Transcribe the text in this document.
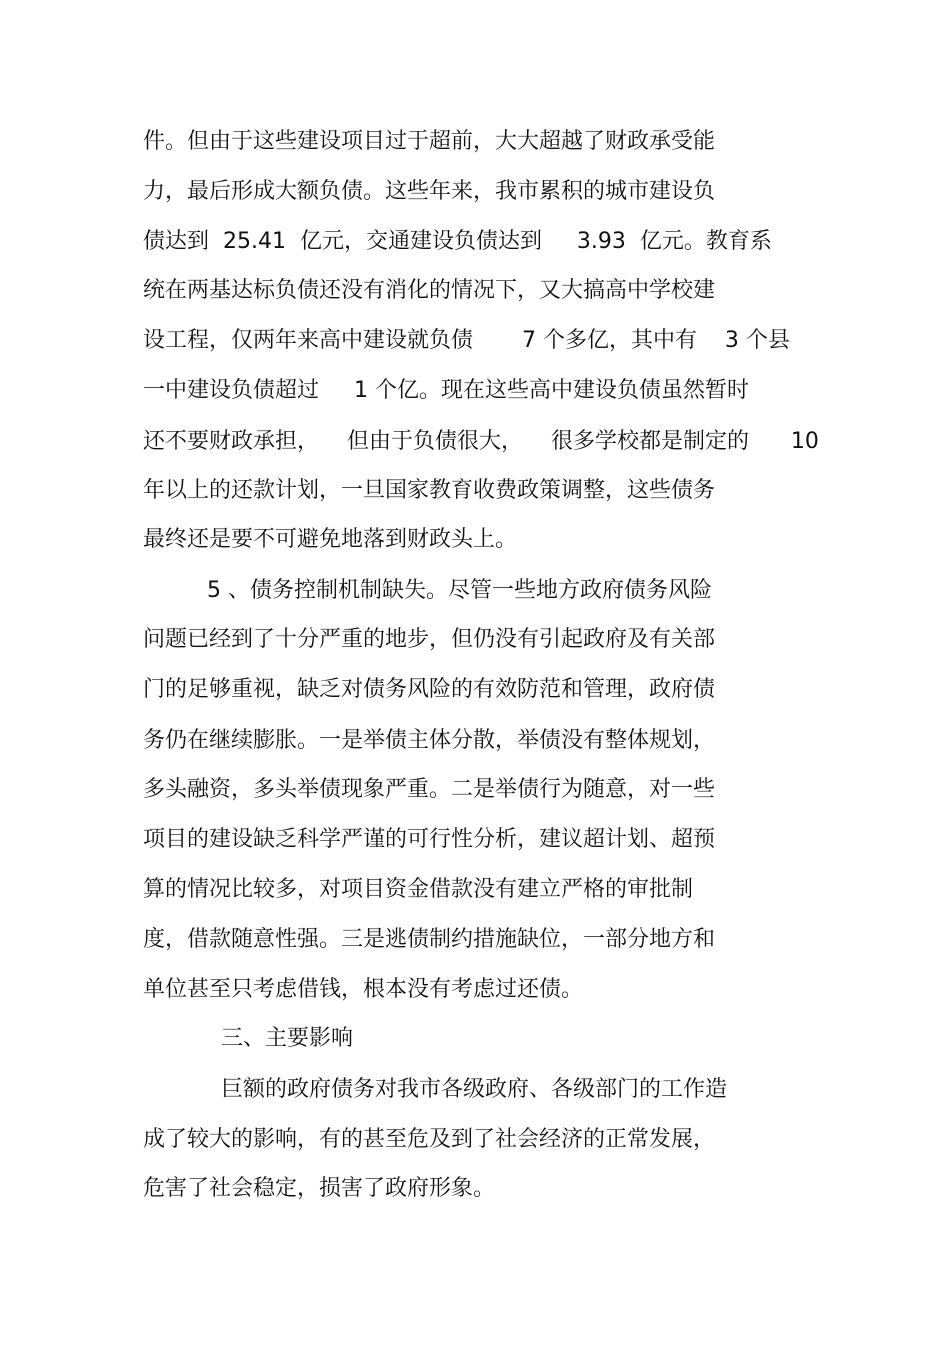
件。但由于这些建设项目过于超前，大大超越了财政承受能
力，最后形成大额负债。这些年来，我市累积的城市建设负
债达到  25.41  亿元，交通建设负债达到     3.93  亿元。教育系
统在两基达标负债还没有消化的情况下，又大搞高中学校建
设工程，仅两年来高中建设就负债       7 个多亿，其中有    3 个县
一中建设负债超过     1 个亿。现在这些高中建设负债虽然暂时
还不要财政承担，    但由于负债很大，    很多学校都是制定的      10
年以上的还款计划，一旦国家教育收费政策调整，这些债务
最终还是要不可避免地落到财政头上。
5 、债务控制机制缺失。尽管一些地方政府债务风险
问题已经到了十分严重的地步，但仍没有引起政府及有关部
门的足够重视，缺乏对债务风险的有效防范和管理，政府债
务仍在继续膨胀。一是举债主体分散，举债没有整体规划，
多头融资，多头举债现象严重。二是举债行为随意，对一些
项目的建设缺乏科学严谨的可行性分析，建议超计划、超预
算的情况比较多，对项目资金借款没有建立严格的审批制
度，借款随意性强。三是逃债制约措施缺位，一部分地方和
单位甚至只考虑借钱，根本没有考虑过还债。
三、主要影响
巨额的政府债务对我市各级政府、各级部门的工作造
成了较大的影响，有的甚至危及到了社会经济的正常发展，
危害了社会稳定，损害了政府形象。
